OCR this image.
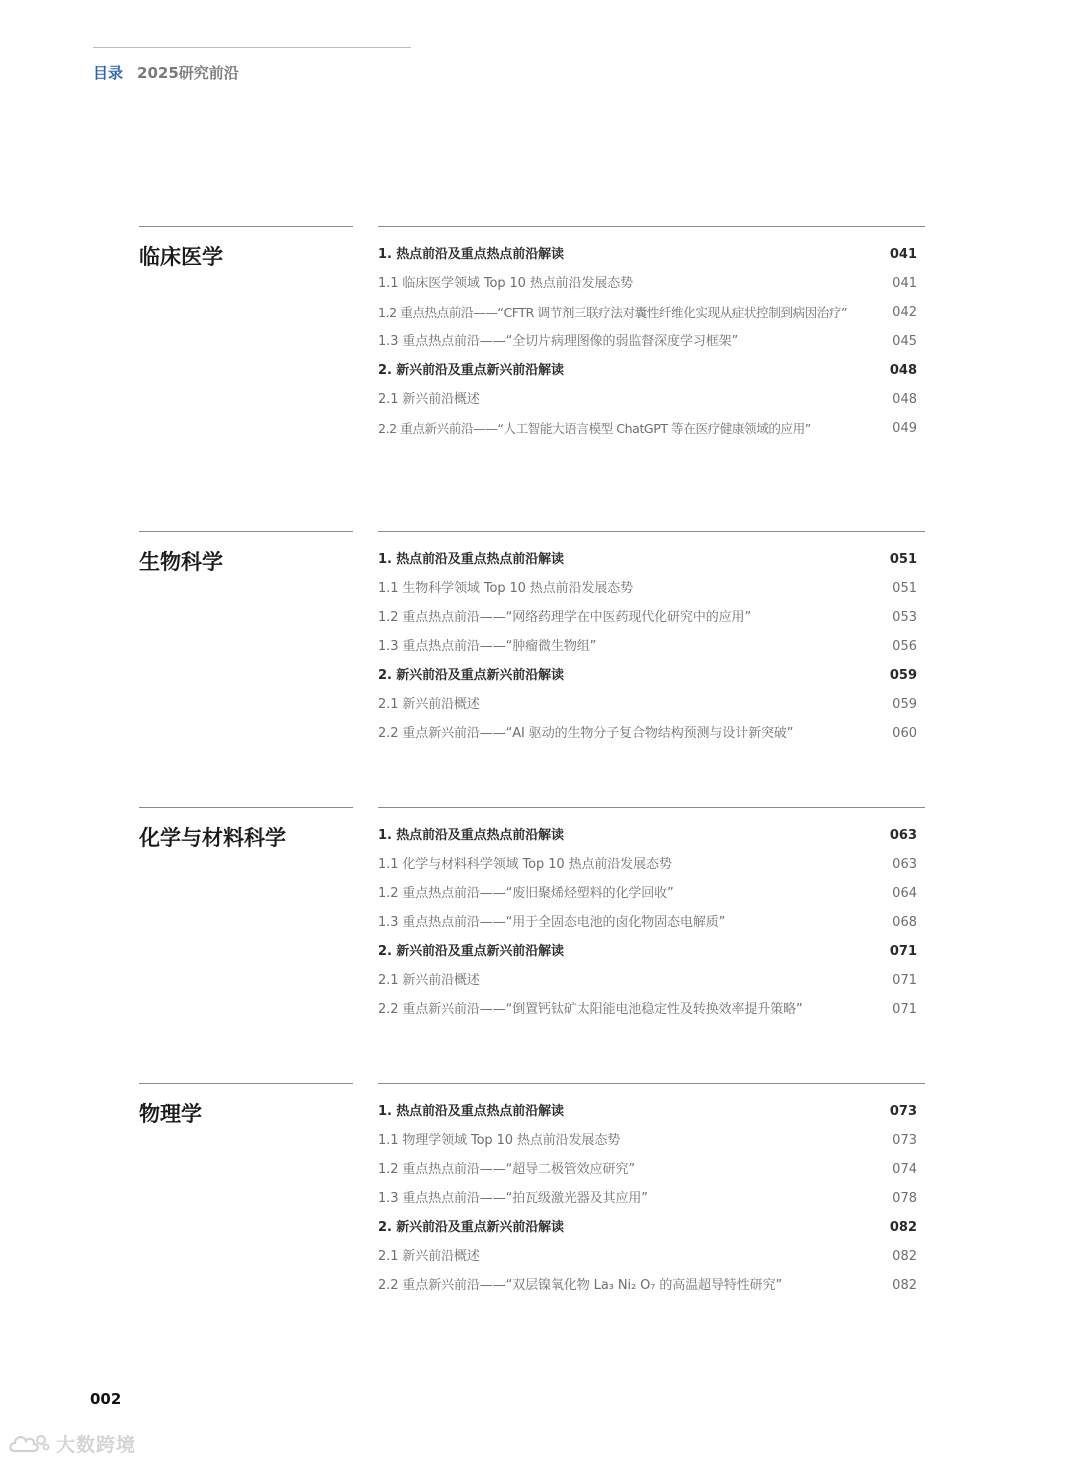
目录 2025研究前沿
临床医学	1. 热点前沿及重点热点前沿解读	041
1.1 临床医学领域 Top 10 热点前沿发展态势	041
1.2 重点热点前沿——“CFTR 调节剂三联疗法对囊性纤维化实现从症状控制到病因治疗”	042
1.3 重点热点前沿——“全切片病理图像的弱监督深度学习框架”	045
2. 新兴前沿及重点新兴前沿解读	048
2.1 新兴前沿概述	048
2.2 重点新兴前沿——“人工智能大语言模型 ChatGPT 等在医疗健康领域的应用”	049
生物科学	1. 热点前沿及重点热点前沿解读	051
1.1 生物科学领域 Top 10 热点前沿发展态势	051
1.2 重点热点前沿——“网络药理学在中医药现代化研究中的应用”	053
1.3 重点热点前沿——“肿瘤微生物组”	056
2. 新兴前沿及重点新兴前沿解读	059
2.1 新兴前沿概述	059
2.2 重点新兴前沿——“AI 驱动的生物分子复合物结构预测与设计新突破”	060
化学与材料科学	1. 热点前沿及重点热点前沿解读	063
1.1 化学与材料科学领域 Top 10 热点前沿发展态势	063
1.2 重点热点前沿——“废旧聚烯烃塑料的化学回收”	064
1.3 重点热点前沿——“用于全固态电池的卤化物固态电解质”	068
2. 新兴前沿及重点新兴前沿解读	071
2.1 新兴前沿概述	071
2.2 重点新兴前沿——“倒置钙钛矿太阳能电池稳定性及转换效率提升策略”	071
物理学	1. 热点前沿及重点热点前沿解读	073
1.1 物理学领域 Top 10 热点前沿发展态势	073
1.2 重点热点前沿——“超导二极管效应研究”	074
1.3 重点热点前沿——“拍瓦级激光器及其应用”	078
2. 新兴前沿及重点新兴前沿解读	082
2.1 新兴前沿概述	082
2.2 重点新兴前沿——“双层镍氧化物 La₃ Ni₂ O₇ 的高温超导特性研究”	082
002
大数跨境
